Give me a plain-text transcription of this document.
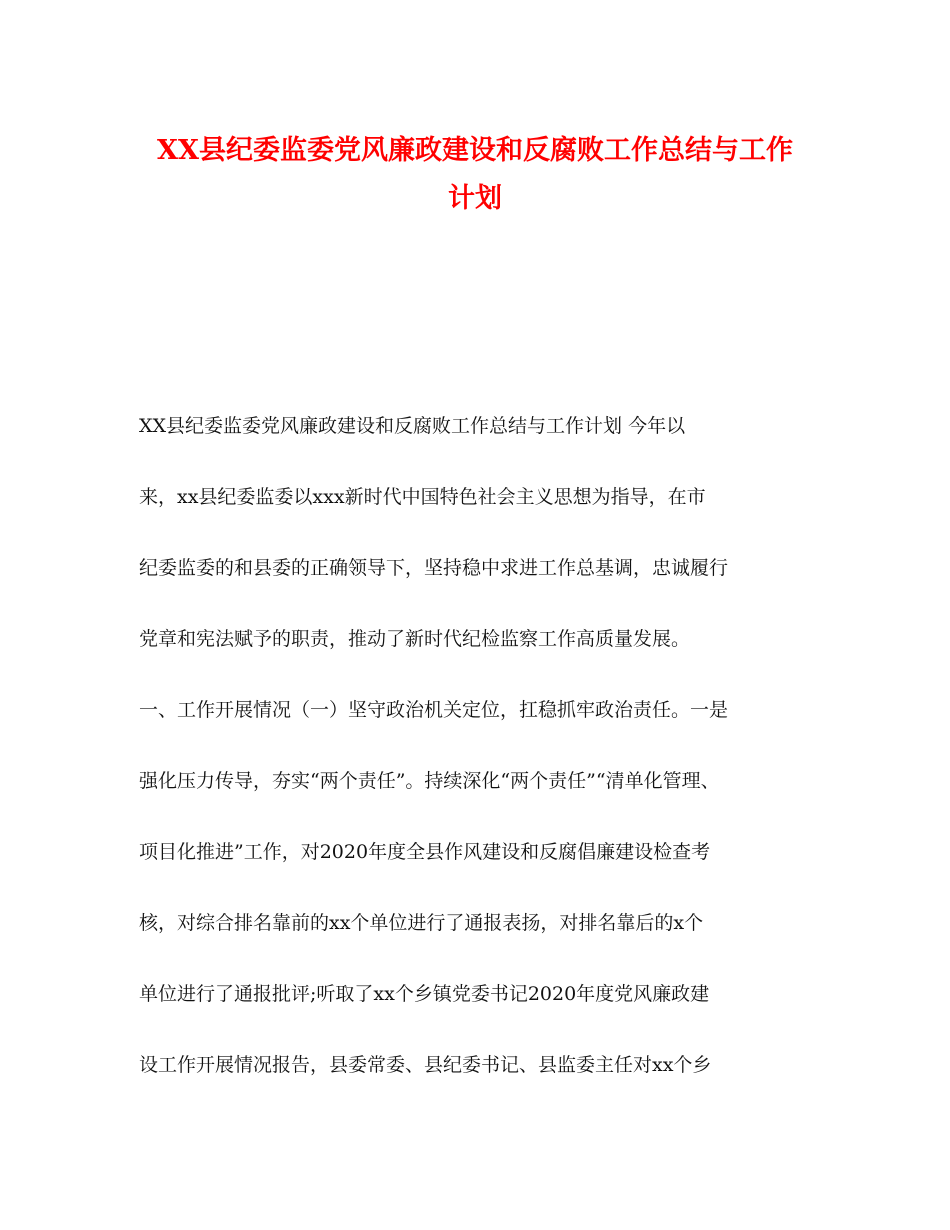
XX县纪委监委党风廉政建设和反腐败工作总结与工作
计划
XX县纪委监委党风廉政建设和反腐败工作总结与工作计划 今年以
来，xx县纪委监委以xxx新时代中国特色社会主义思想为指导，在市
纪委监委的和县委的正确领导下，坚持稳中求进工作总基调，忠诚履行
党章和宪法赋予的职责，推动了新时代纪检监察工作高质量发展。
一、工作开展情况（一）坚守政治机关定位，扛稳抓牢政治责任。一是
强化压力传导，夯实“两个责任”。持续深化“两个责任”“清单化管理、
项目化推进”工作，对2020年度全县作风建设和反腐倡廉建设检查考
核，对综合排名靠前的xx个单位进行了通报表扬，对排名靠后的x个
单位进行了通报批评;听取了xx个乡镇党委书记2020年度党风廉政建
设工作开展情况报告，县委常委、县纪委书记、县监委主任对xx个乡
